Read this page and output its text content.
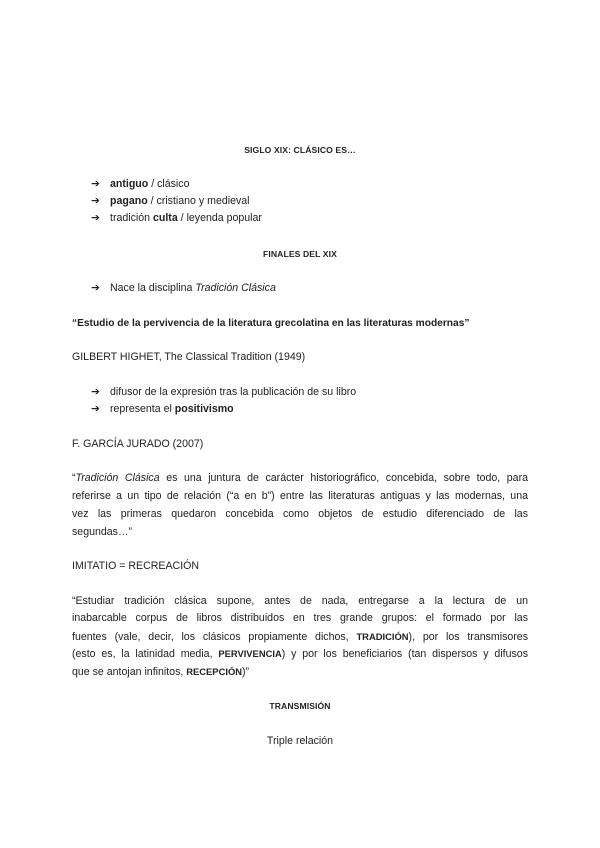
SIGLO XIX: CLÁSICO ES…
➔ antiguo / clásico
➔ pagano / cristiano y medieval
➔ tradición culta / leyenda popular
FINALES DEL XIX
➔ Nace la disciplina Tradición Clásica
“Estudio de la pervivencia de la literatura grecolatina en las literaturas modernas”
GILBERT HIGHET, The Classical Tradition (1949)
➔ difusor de la expresión tras la publicación de su libro
➔ representa el positivismo
F. GARCÍA JURADO (2007)
“Tradición Clásica es una juntura de carácter historiográfico, concebida, sobre todo, para
referirse a un tipo de relación (“a en b”) entre las literaturas antiguas y las modernas, una
vez las primeras quedaron concebida como objetos de estudio diferenciado de las
segundas…”
IMITATIO = RECREACIÓN
“Estudiar tradición clásica supone, antes de nada, entregarse a la lectura de un
inabarcable corpus de libros distribuidos en tres grande grupos: el formado por las
fuentes (vale, decir, los clásicos propiamente dichos, TRADICIÓN), por los transmisores
(esto es, la latinidad media, PERVIVENCIA) y por los beneficiarios (tan dispersos y difusos
que se antojan infinitos, RECEPCIÓN)”
TRANSMISIÓN
Triple relación
